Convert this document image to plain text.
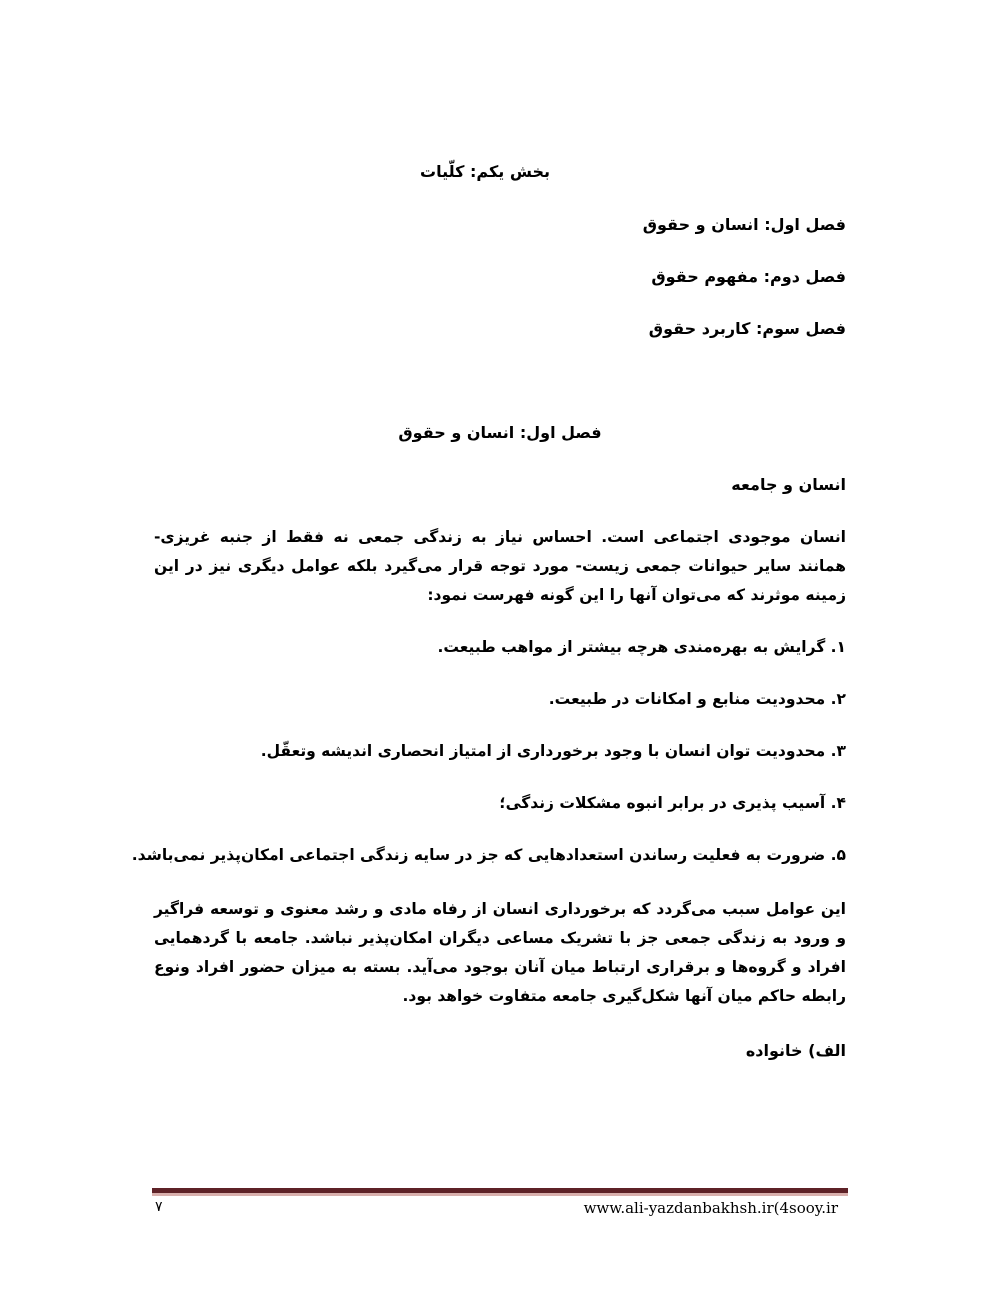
بخش یکم: کلّیات
فصل اول: انسان و حقوق
فصل دوم: مفهوم حقوق
فصل سوم: کاربرد حقوق
فصل اول: انسان و حقوق
انسان و جامعه
انسان موجودی اجتماعی است. احساس نیاز به زندگی جمعی نه فقط از جنبه غریزی- همانند سایر حیوانات جمعی زیست- مورد توجه قرار می‌گیرد بلکه عوامل دیگری نیز در این زمینه موثرند که می‌توان آنها را این گونه فهرست نمود:
۱. گرایش به بهره‌مندی هرچه بیشتر از مواهب طبیعت.
۲. محدودیت منابع و امکانات در طبیعت.
۳. محدودیت توان انسان با وجود برخورداری از امتیاز انحصاری اندیشه وتعقّل.
۴. آسیب پذیری در برابر انبوه مشکلات زندگی؛
۵. ضرورت به فعلیت رساندن استعدادهایی که جز در سایه زندگی اجتماعی امکان‌پذیر نمی‌باشد.
این عوامل سبب می‌گردد که برخورداری انسان از رفاه مادی و رشد معنوی و توسعه فراگیر و ورود به زندگی جمعی جز با تشریک مساعی دیگران امکان‌پذیر نباشد. جامعه با گردهمایی افراد و گروه‌ها و برقراری ارتباط میان آنان بوجود می‌آید. بسته به میزان حضور افراد ونوع رابطه حاکم میان آنها شکل‌گیری جامعه متفاوت خواهد بود.
الف) خانواده
www.ali-yazdanbakhsh.ir(4sooy.ir
۷
